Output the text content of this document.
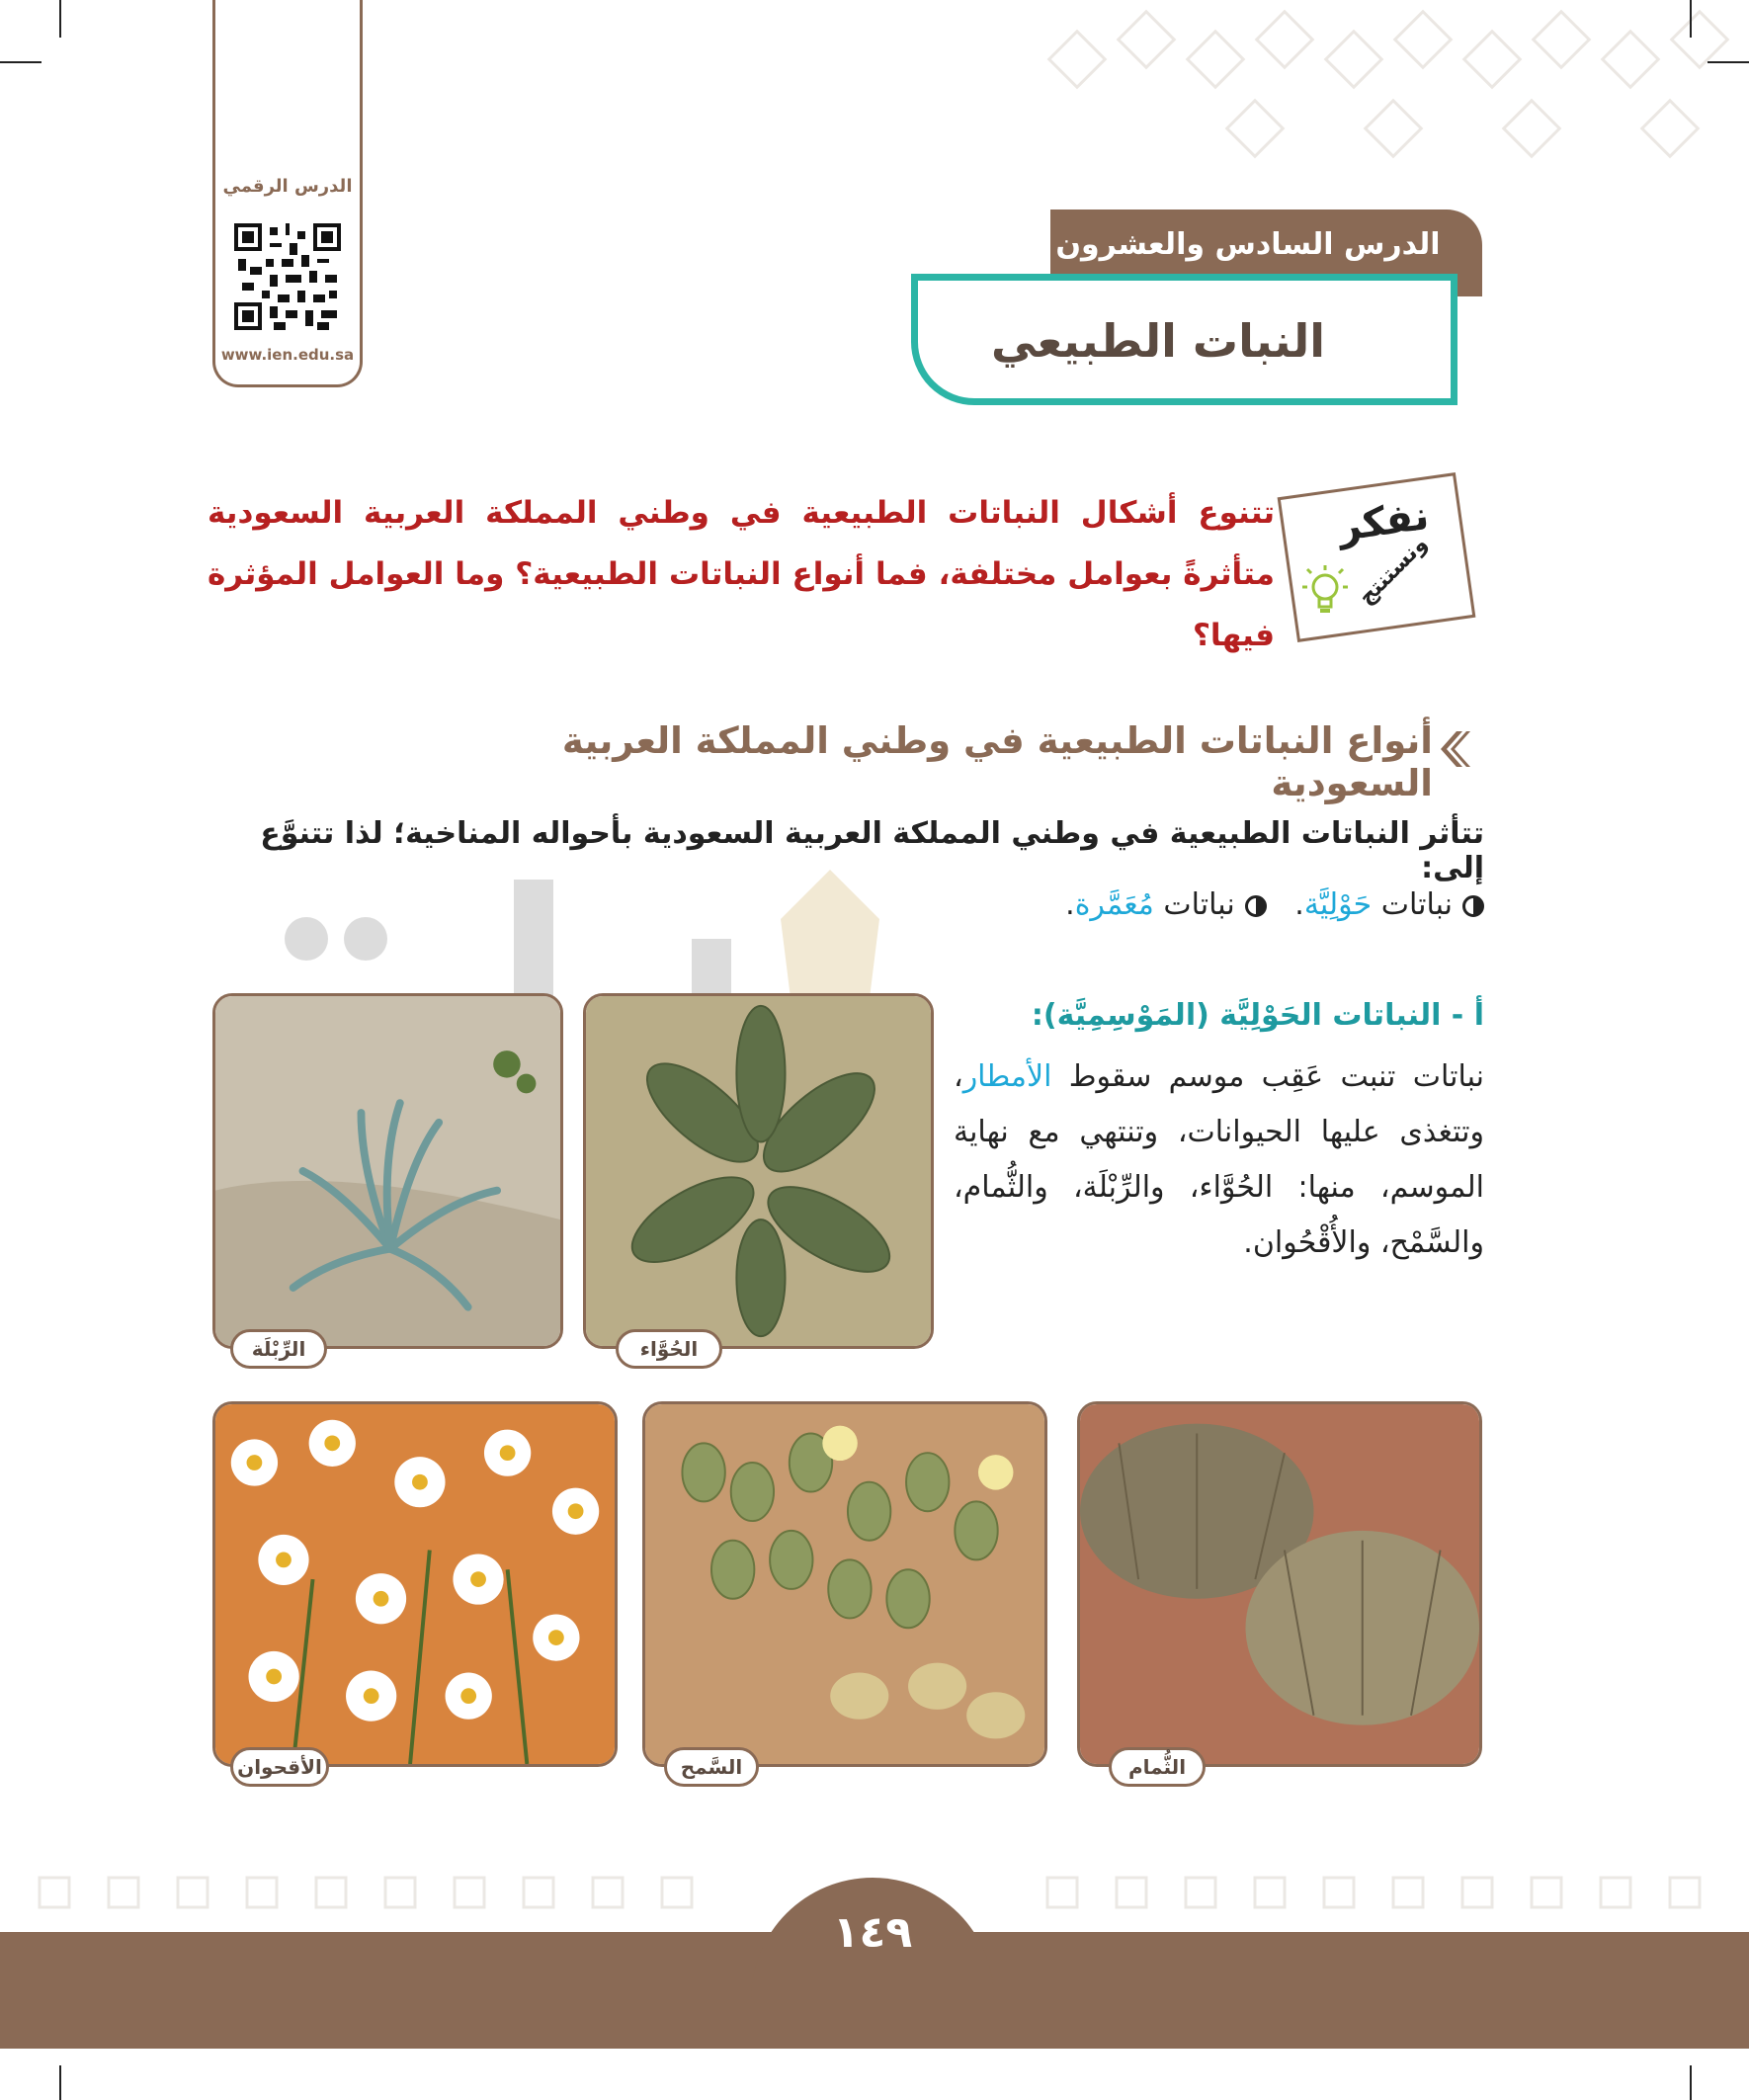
الدرس الرقمي
www.ien.edu.sa
الدرس السادس والعشرون
النبات الطبيعي
نفكر
ونستنتج
تتنوع أشكال النباتات الطبيعية في وطني المملكة العربية السعودية متأثرةً بعوامل مختلفة، فما أنواع النباتات الطبيعية؟ وما العوامل المؤثرة فيها؟
أنواع النباتات الطبيعية في وطني المملكة العربية السعودية
تتأثر النباتات الطبيعية في وطني المملكة العربية السعودية بأحواله المناخية؛ لذا تتنوَّع إلى:
نباتات حَوْلِيَّة.   نباتات مُعَمَّرة.
أ - النباتات الحَوْلِيَّة (المَوْسِمِيَّة):
نباتات تنبت عَقِب موسم سقوط الأمطار، وتتغذى عليها الحيوانات، وتنتهي مع نهاية الموسم، منها: الحُوَّاء، والرِّبْلَة، والثُّمام، والسَّمْح، والأُقْحُوان.
الرِّبْلَة	الحُوَّاء
الأقحوان	السَّمح	الثُّمام
١٤٩
